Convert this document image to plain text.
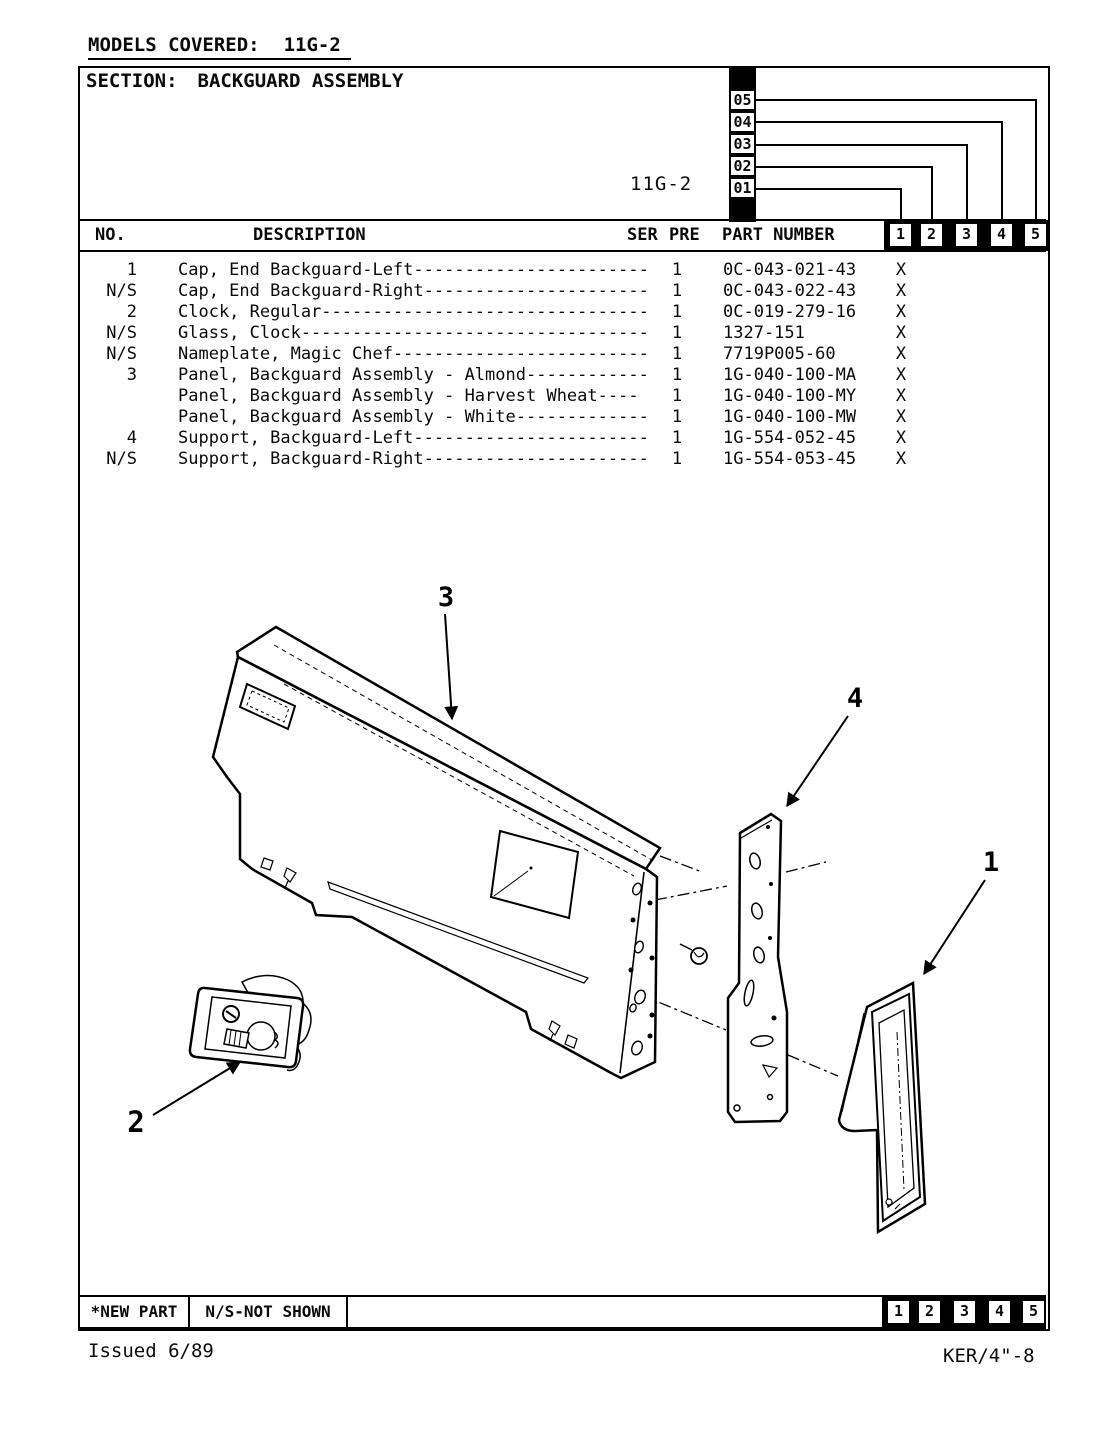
MODELS COVERED: 11G-2
SECTION: BACKGUARD ASSEMBLY
11G-2
05
04
03
02
01
NO.	DESCRIPTION	SER PRE PART NUMBER	1	2	3	4	5
1 Cap, End Backguard-Left-----------------------	1	0C-043-021-43 X
N/S Cap, End Backguard-Right----------------------	1	0C-043-022-43 X
2 Clock, Regular--------------------------------	1	0C-019-279-16 X
N/S Glass, Clock----------------------------------	1	1327-151	X
N/S Nameplate, Magic Chef-------------------------	1	7719P005-60	X
3 Panel, Backguard Assembly - Almond------------	1	1G-040-100-MA X
Panel, Backguard Assembly - Harvest Wheat----	1	1G-040-100-MY X
Panel, Backguard Assembly - White-------------	1	1G-040-100-MW X
4 Support, Backguard-Left-----------------------	1	1G-554-052-45 X
N/S Support, Backguard-Right----------------------	1	1G-554-053-45 X
3
4
1
2
*NEW PART	N/S-NOT SHOWN	1	2	3	4	5
Issued 6/89	KER/4"-8
